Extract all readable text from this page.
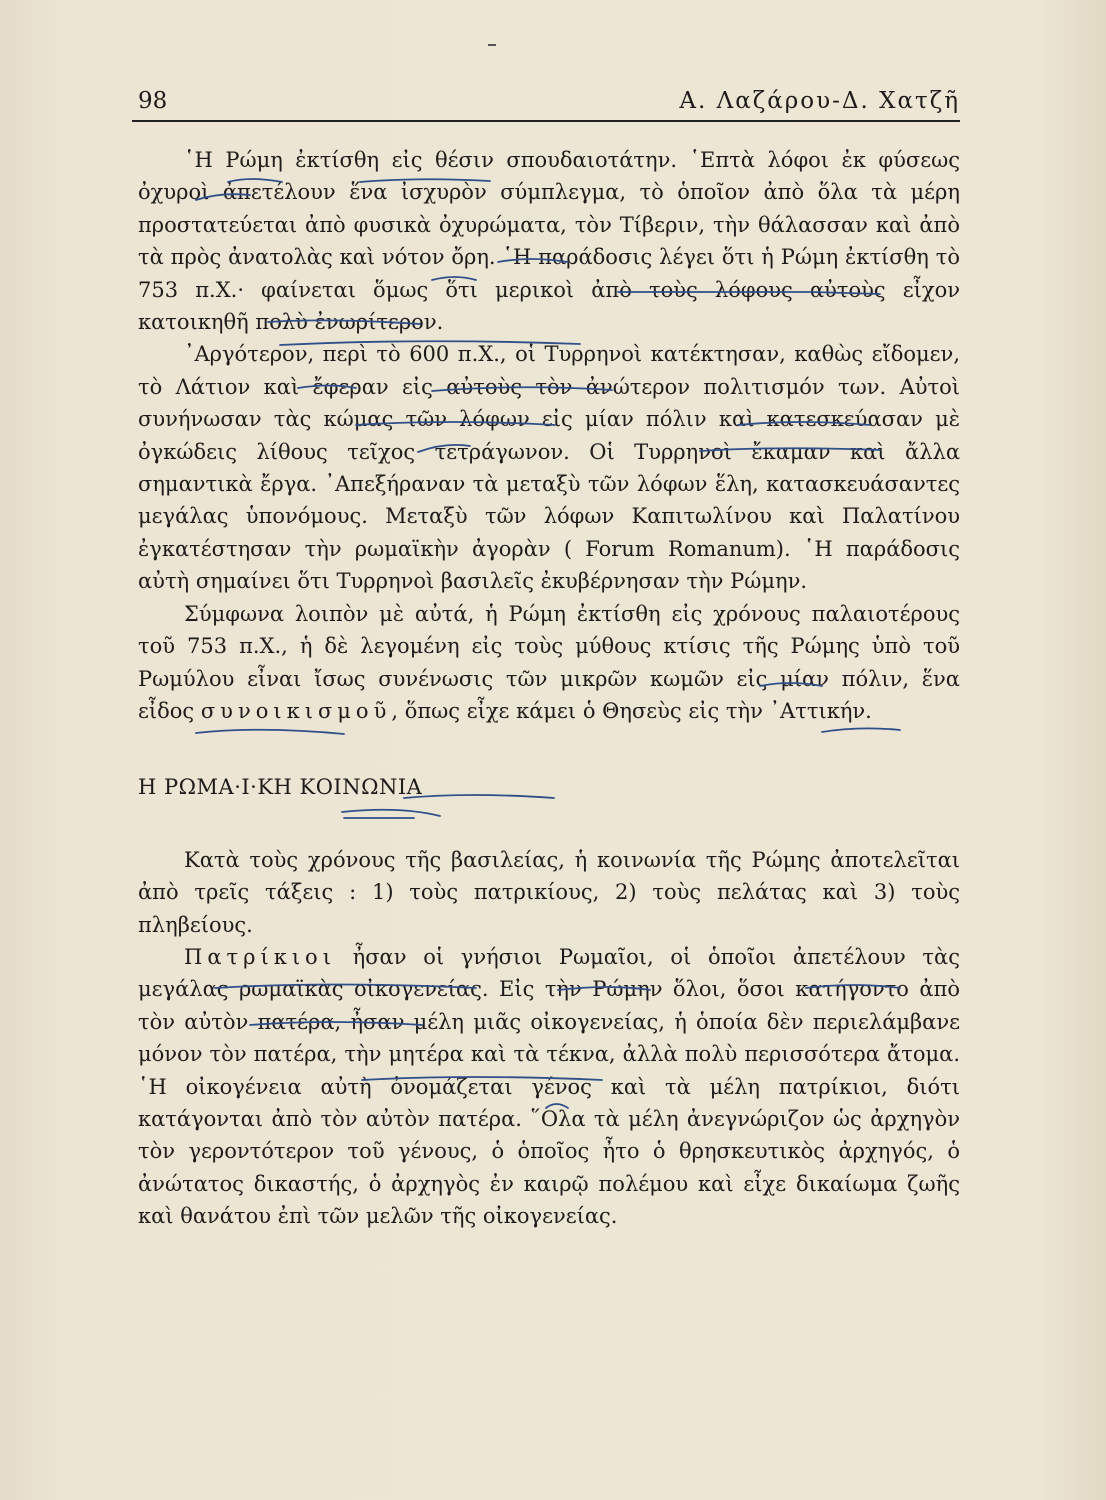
98	Α. Λαζάρου-Δ. Χατζῆ

῾Η Ρώμη ἐκτίσθη εἰς θέσιν σπουδαιοτάτην. ῾Επτὰ λόφοι ἐκ φύσεως ὀχυροὶ ἀπετέλουν ἕνα ἰσχυρὸν σύμπλεγμα, τὸ ὁποῖον ἀπὸ ὅλα τὰ μέρη προστατεύεται ἀπὸ φυσικὰ ὀχυρώματα, τὸν Τίβεριν, τὴν θάλασσαν καὶ ἀπὸ τὰ πρὸς ἀνατολὰς καὶ νότον ὄρη. ῾Η παράδοσις λέγει ὅτι ἡ Ρώμη ἐκτίσθη τὸ 753 π.Χ.· φαίνεται ὅμως ὅτι μερικοὶ ἀπὸ τοὺς λόφους αὐτοὺς εἶχον κατοικηθῆ πολὺ ἐνωρίτερον.

᾿Αργότερον, περὶ τὸ 600 π.Χ., οἱ Τυρρηνοὶ κατέκτησαν, καθὼς εἴδομεν, τὸ Λάτιον καὶ ἔφεραν εἰς αὐτοὺς τὸν ἀνώτερον πολιτισμόν των. Αὐτοὶ συνήνωσαν τὰς κώμας τῶν λόφων εἰς μίαν πόλιν καὶ κατεσκεύασαν μὲ ὀγκώδεις λίθους τεῖχος τετράγωνον. Οἱ Τυρρηνοὶ ἔκαμαν καὶ ἄλλα σημαντικὰ ἔργα. ᾿Απεξήραναν τὰ μεταξὺ τῶν λόφων ἕλη, κατασκευάσαντες μεγάλας ὑπονόμους. Μεταξὺ τῶν λόφων Καπιτωλίνου καὶ Παλατίνου ἐγκατέστησαν τὴν ρωμαϊκὴν ἀγορὰν ( Forum Romanum). ῾Η παράδοσις αὐτὴ σημαίνει ὅτι Τυρρηνοὶ βασιλεῖς ἐκυβέρνησαν τὴν Ρώμην.

Σύμφωνα λοιπὸν μὲ αὐτά, ἡ Ρώμη ἐκτίσθη εἰς χρόνους παλαιοτέρους τοῦ 753 π.Χ., ἡ δὲ λεγομένη εἰς τοὺς μύθους κτίσις τῆς Ρώμης ὑπὸ τοῦ Ρωμύλου εἶναι ἴσως συνένωσις τῶν μικρῶν κωμῶν εἰς μίαν πόλιν, ἕνα εἶδος συνοικισμοῦ, ὅπως εἶχε κάμει ὁ Θησεὺς εἰς τὴν ᾿Αττικήν.

Η ΡΩΜΑ·Ι·ΚΗ ΚΟΙΝΩΝΙΑ

Κατὰ τοὺς χρόνους τῆς βασιλείας, ἡ κοινωνία τῆς Ρώμης ἀποτελεῖται ἀπὸ τρεῖς τάξεις : 1) τοὺς πατρικίους, 2) τοὺς πελάτας καὶ 3) τοὺς πληβείους.

Πατρίκιοι ἦσαν οἱ γνήσιοι Ρωμαῖοι, οἱ ὁποῖοι ἀπετέλουν τὰς μεγάλας ρωμαϊκὰς οἰκογενείας. Εἰς τὴν Ρώμην ὅλοι, ὅσοι κατήγοντο ἀπὸ τὸν αὐτὸν πατέρα, ἦσαν μέλη μιᾶς οἰκογενείας, ἡ ὁποία δὲν περιελάμβανε μόνον τὸν πατέρα, τὴν μητέρα καὶ τὰ τέκνα, ἀλλὰ πολὺ περισσότερα ἄτομα. ῾Η οἰκογένεια αὐτὴ ὀνομάζεται γένος καὶ τὰ μέλη πατρίκιοι, διότι κατάγονται ἀπὸ τὸν αὐτὸν πατέρα. ῞Ολα τὰ μέλη ἀνεγνώριζον ὡς ἀρχηγὸν τὸν γεροντότερον τοῦ γένους, ὁ ὁποῖος ἦτο ὁ θρησκευτικὸς ἀρχηγός, ὁ ἀνώτατος δικαστής, ὁ ἀρχηγὸς ἐν καιρῷ πολέμου καὶ εἶχε δικαίωμα ζωῆς καὶ θανάτου ἐπὶ τῶν μελῶν τῆς οἰκογενείας.
